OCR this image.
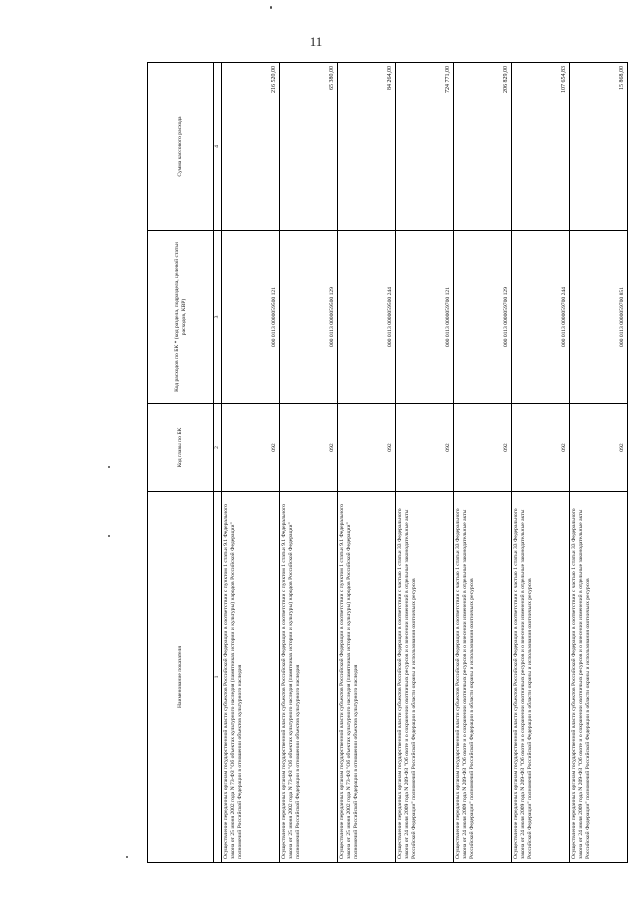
11
Наименование показателя	Код главы по БК	Код расходов по БК * (код раздела, подраздела, целевой статьи расходов, КВР)	Сумма кассового расхода
1	2	3	4
Осуществление переданных органам государственной власти субъектов Российской Федерации в соответствии с пунктом 1 статьи 9.1 Федерального закона от 25 июня 2002 года N 73-ФЗ "Об объектах культурного наследия (памятниках истории и культуры) народов Российской Федерации" полномочий Российской Федерации в отношении объектов культурного наследия	092	000 0113 0000059500 121	216 520,00
Осуществление переданных органам государственной власти субъектов Российской Федерации в соответствии с пунктом 1 статьи 9.1 Федерального закона от 25 июня 2002 года N 73-ФЗ "Об объектах культурного наследия (памятниках истории и культуры) народов Российской Федерации" полномочий Российской Федерации в отношении объектов культурного наследия	092	000 0113 0000059500 129	65 380,00
Осуществление переданных органам государственной власти субъектов Российской Федерации в соответствии с пунктом 1 статьи 9.1 Федерального закона от 25 июня 2002 года N 73-ФЗ "Об объектах культурного наследия (памятниках истории и культуры) народов Российской Федерации" полномочий Российской Федерации в отношении объектов культурного наследия	092	000 0113 0000059500 244	84 264,00
Осуществление переданных органам государственной власти субъектов Российской Федерации в соответствии с частью 1 статьи 33 Федерального закона от 24 июля 2009 года N 209-ФЗ "Об охоте и о сохранении охотничьих ресурсов и о внесении изменений в отдельные законодательные акты Российской Федерации" полномочий Российской Федерации в области охраны и использования охотничьих ресурсов	092	000 0113 0000059700 121	724 771,00
Осуществление переданных органам государственной власти субъектов Российской Федерации в соответствии с частью 1 статьи 33 Федерального закона от 24 июля 2009 года N 209-ФЗ "Об охоте и о сохранении охотничьих ресурсов и о внесении изменений в отдельные законодательные акты Российской Федерации" полномочий Российской Федерации в области охраны и использования охотничьих ресурсов	092	000 0113 0000059700 129	206 829,00
Осуществление переданных органам государственной власти субъектов Российской Федерации в соответствии с частью 1 статьи 33 Федерального закона от 24 июля 2009 года N 209-ФЗ "Об охоте и о сохранении охотничьих ресурсов и о внесении изменений в отдельные законодательные акты Российской Федерации" полномочий Российской Федерации в области охраны и использования охотничьих ресурсов	092	000 0113 0000059700 244	107 654,83
Осуществление переданных органам государственной власти субъектов Российской Федерации в соответствии с частью 1 статьи 33 Федерального закона от 24 июля 2009 года N 209-ФЗ "Об охоте и о сохранении охотничьих ресурсов и о внесении изменений в отдельные законодательные акты Российской Федерации" полномочий Российской Федерации в области охраны и использования охотничьих ресурсов	092	000 0113 0000059700 851	15 868,00
